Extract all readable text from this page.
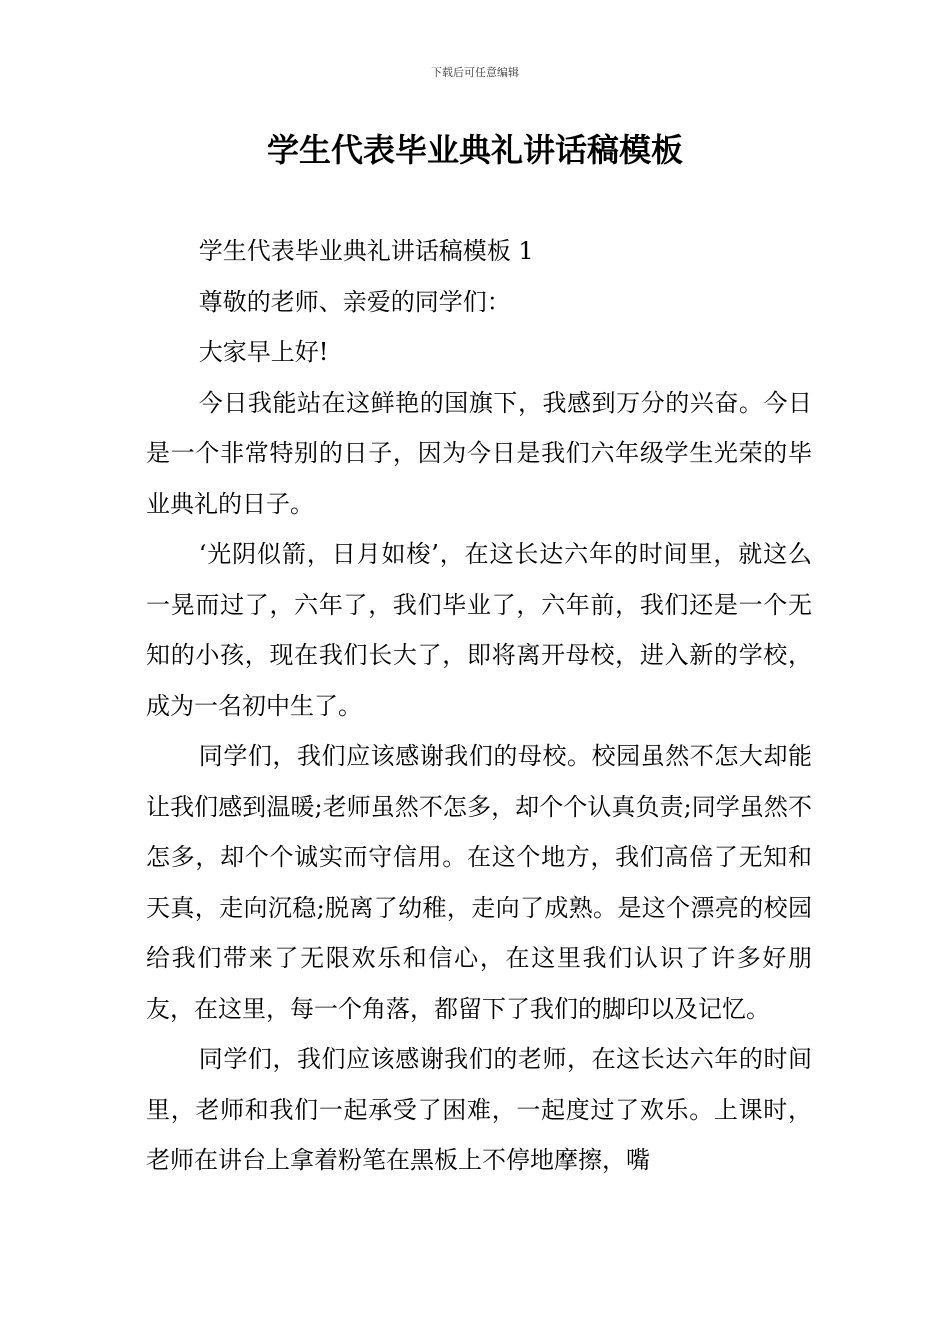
下载后可任意编辑
学生代表毕业典礼讲话稿模板

学生代表毕业典礼讲话稿模板 1

尊敬的老师、亲爱的同学们：

大家早上好!

今日我能站在这鲜艳的国旗下，我感到万分的兴奋。今日是一个非常特别的日子，因为今日是我们六年级学生光荣的毕业典礼的日子。

‘光阴似箭，日月如梭’，在这长达六年的时间里，就这么一晃而过了，六年了，我们毕业了，六年前，我们还是一个无知的小孩，现在我们长大了，即将离开母校，进入新的学校，成为一名初中生了。

同学们，我们应该感谢我们的母校。校园虽然不怎大却能让我们感到温暖;老师虽然不怎多，却个个认真负责;同学虽然不怎多，却个个诚实而守信用。在这个地方，我们高倍了无知和天真，走向沉稳;脱离了幼稚，走向了成熟。是这个漂亮的校园给我们带来了无限欢乐和信心，在这里我们认识了许多好朋友，在这里，每一个角落，都留下了我们的脚印以及记忆。

同学们，我们应该感谢我们的老师，在这长达六年的时间里，老师和我们一起承受了困难，一起度过了欢乐。上课时，老师在讲台上拿着粉笔在黑板上不停地摩擦，嘴
